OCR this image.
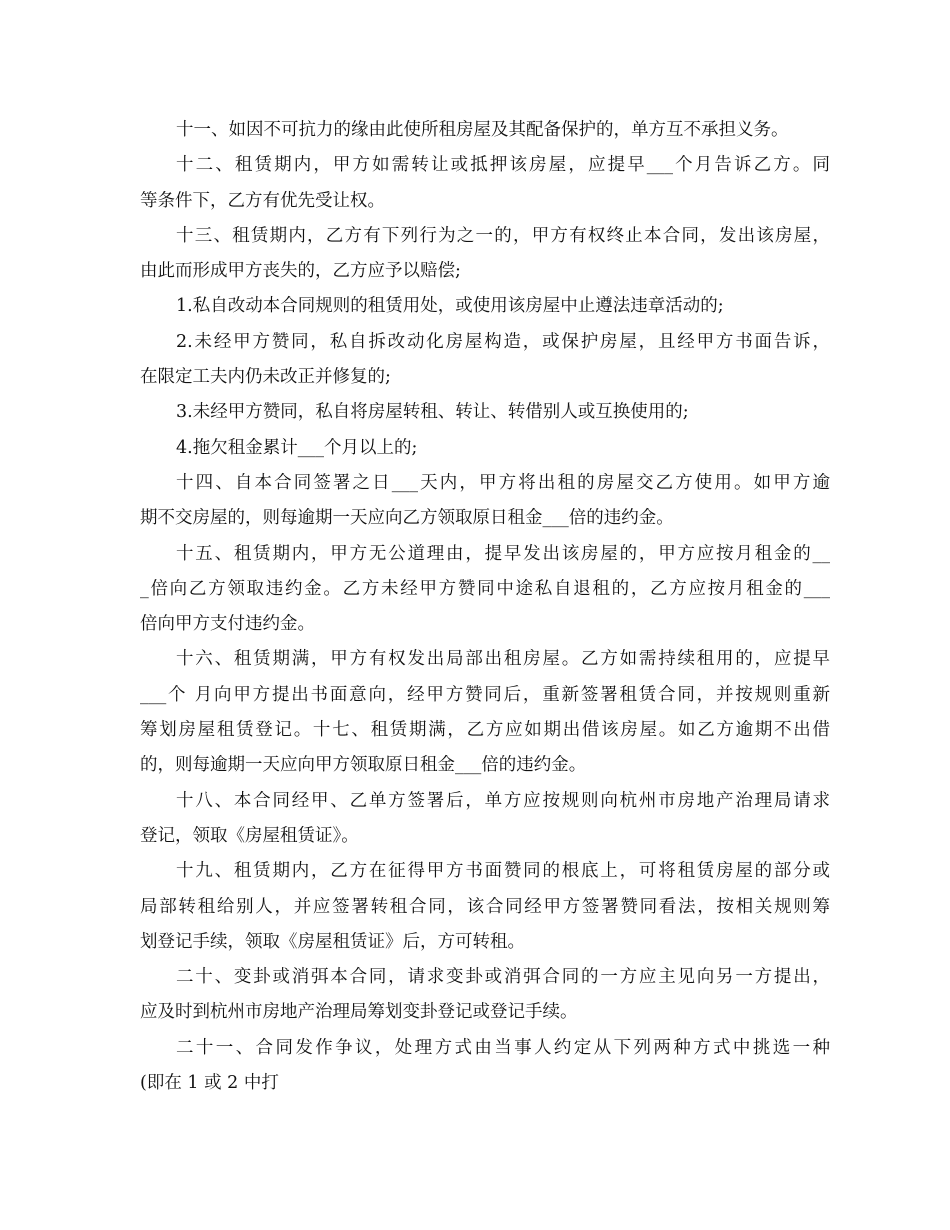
十一、如因不可抗力的缘由此使所租房屋及其配备保护的，单方互不承担义务。
十二、租赁期内，甲方如需转让或抵押该房屋，应提早___个月告诉乙方。同
等条件下，乙方有优先受让权。
十三、租赁期内，乙方有下列行为之一的，甲方有权终止本合同，发出该房屋，
由此而形成甲方丧失的，乙方应予以赔偿;
1.私自改动本合同规则的租赁用处，或使用该房屋中止遵法违章活动的;
2.未经甲方赞同，私自拆改动化房屋构造，或保护房屋，且经甲方书面告诉，
在限定工夫内仍未改正并修复的;
3.未经甲方赞同，私自将房屋转租、转让、转借别人或互换使用的;
4.拖欠租金累计___个月以上的;
十四、自本合同签署之日___天内，甲方将出租的房屋交乙方使用。如甲方逾
期不交房屋的，则每逾期一天应向乙方领取原日租金___倍的违约金。
十五、租赁期内，甲方无公道理由，提早发出该房屋的，甲方应按月租金的__
_倍向乙方领取违约金。乙方未经甲方赞同中途私自退租的，乙方应按月租金的___
倍向甲方支付违约金。
十六、租赁期满，甲方有权发出局部出租房屋。乙方如需持续租用的，应提早
___个 月向甲方提出书面意向，经甲方赞同后，重新签署租赁合同，并按规则重新
筹划房屋租赁登记。十七、租赁期满，乙方应如期出借该房屋。如乙方逾期不出借
的，则每逾期一天应向甲方领取原日租金___倍的违约金。
十八、本合同经甲、乙单方签署后，单方应按规则向杭州市房地产治理局请求
登记，领取《房屋租赁证》。
十九、租赁期内，乙方在征得甲方书面赞同的根底上，可将租赁房屋的部分或
局部转租给别人，并应签署转租合同，该合同经甲方签署赞同看法，按相关规则筹
划登记手续，领取《房屋租赁证》后，方可转租。
二十、变卦或消弭本合同，请求变卦或消弭合同的一方应主见向另一方提出，
应及时到杭州市房地产治理局筹划变卦登记或登记手续。
二十一、合同发作争议，处理方式由当事人约定从下列两种方式中挑选一种
(即在 1 或 2 中打
